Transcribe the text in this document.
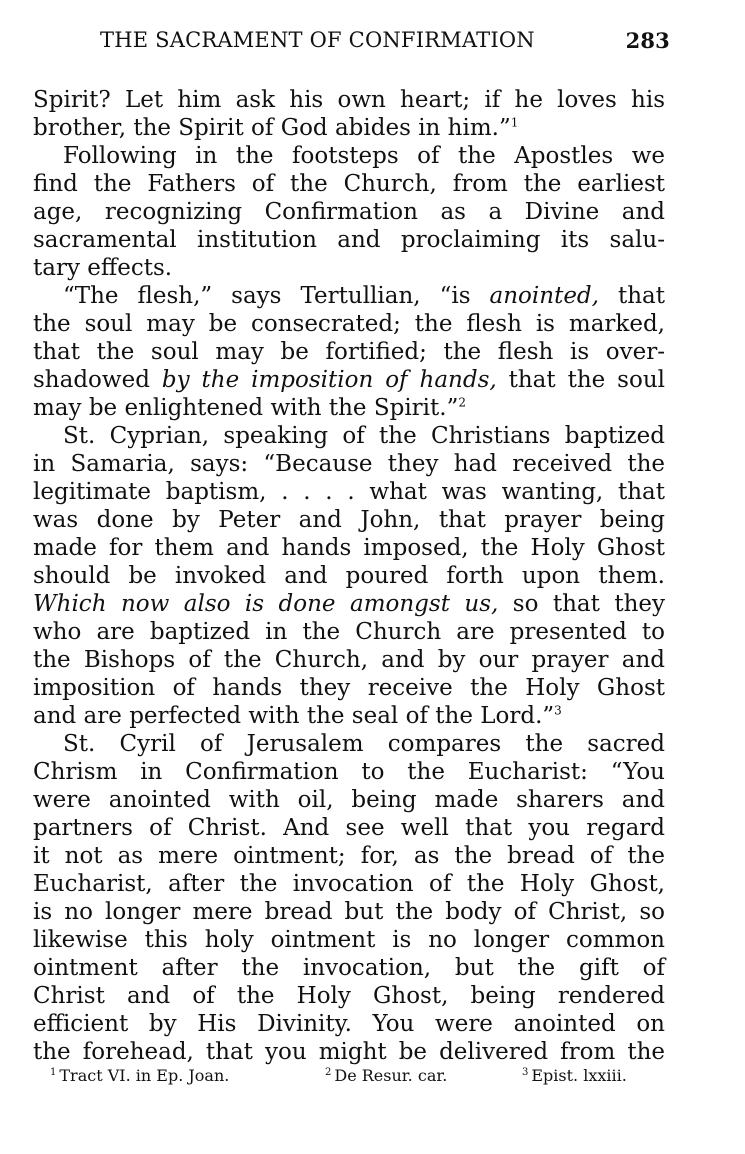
THE SACRAMENT OF CONFIRMATION	283
Spirit? Let him ask his own heart; if he loves his
brother, the Spirit of God abides in him.”$^1$
Following in the footsteps of the Apostles we
find the Fathers of the Church, from the earliest
age, recognizing Confirmation as a Divine and
sacramental institution and proclaiming its salu-
tary effects.
“The flesh,” says Tertullian, “is anointed, that
the soul may be consecrated; the flesh is marked,
that the soul may be fortified; the flesh is over-
shadowed by the imposition of hands, that the soul
may be enlightened with the Spirit.”$^2$
St. Cyprian, speaking of the Christians baptized
in Samaria, says: “Because they had received the
legitimate baptism, . . . . what was wanting, that
was done by Peter and John, that prayer being
made for them and hands imposed, the Holy Ghost
should be invoked and poured forth upon them.
Which now also is done amongst us, so that they
who are baptized in the Church are presented to
the Bishops of the Church, and by our prayer and
imposition of hands they receive the Holy Ghost
and are perfected with the seal of the Lord.”$^3$
St. Cyril of Jerusalem compares the sacred
Chrism in Confirmation to the Eucharist: “You
were anointed with oil, being made sharers and
partners of Christ. And see well that you regard
it not as mere ointment; for, as the bread of the
Eucharist, after the invocation of the Holy Ghost,
is no longer mere bread but the body of Christ, so
likewise this holy ointment is no longer common
ointment after the invocation, but the gift of
Christ and of the Holy Ghost, being rendered
efficient by His Divinity. You were anointed on
the forehead, that you might be delivered from the
$^1$ Tract VI. in Ep. Joan.	$^2$ De Resur. car.	$^3$ Epist. lxxiii.
